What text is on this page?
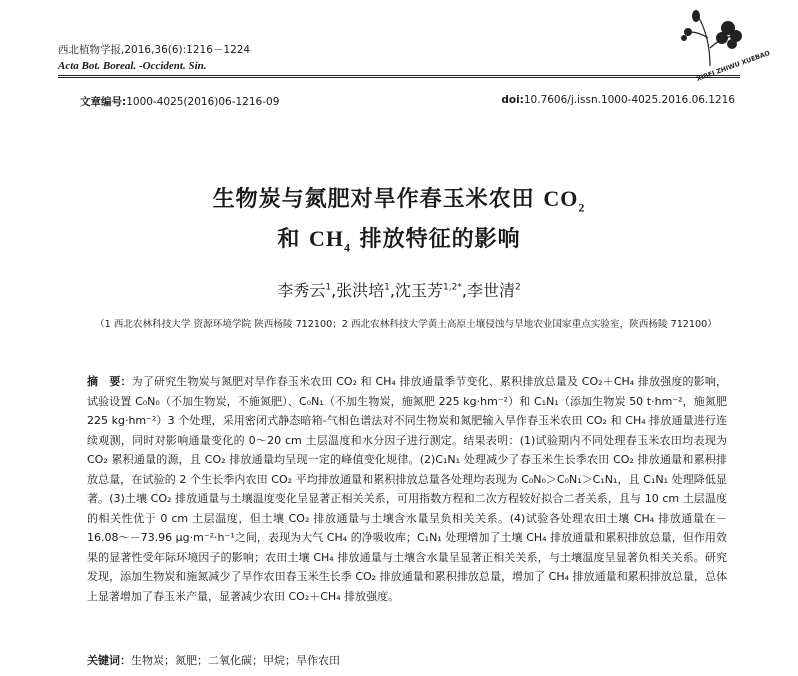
西北植物学报,2016,36(6):1216－1224
Acta Bot. Boreal. -Occident. Sin.	XIBEI ZHIWU XUEBAO
文章编号:1000-4025(2016)06-1216-09	doi:10.7606/j.issn.1000-4025.2016.06.1216
生物炭与氮肥对旱作春玉米农田 $CO_2$
和 $CH_4$ 排放特征的影响
李秀云$^1$,张洪培$^1$,沈玉芳$^{1,2*}$,李世清$^2$
（1 西北农林科技大学 资源环境学院 陕西杨陵 712100；2 西北农林科技大学黄土高原土壤侵蚀与旱地农业国家重点实验室，陕西杨陵 712100）

摘　要：为了研究生物炭与氮肥对旱作春玉米农田 CO₂ 和 CH₄ 排放通量季节变化、累积排放总量及 CO₂＋CH₄ 排放强度的影响，试验设置 C₀N₀（不加生物炭，不施氮肥）、C₀N₁（不加生物炭，施氮肥 225 kg·hm⁻²）和 C₁N₁（添加生物炭 50 t·hm⁻²，施氮肥 225 kg·hm⁻²）3 个处理，采用密闭式静态暗箱-气相色谱法对不同生物炭和氮肥输入旱作春玉米农田 CO₂ 和 CH₄ 排放通量进行连续观测，同时对影响通量变化的 0～20 cm 土层温度和水分因子进行测定。结果表明：(1)试验期内不同处理春玉米农田均表现为 CO₂ 累积通量的源，且 CO₂ 排放通量均呈现一定的峰值变化规律。(2)C₁N₁ 处理减少了春玉米生长季农田 CO₂ 排放通量和累积排放总量，在试验的 2 个生长季内农田 CO₂ 平均排放通量和累积排放总量各处理均表现为 C₀N₀＞C₀N₁＞C₁N₁，且 C₁N₁ 处理降低显著。(3)土壤 CO₂ 排放通量与土壤温度变化呈显著正相关关系，可用指数方程和二次方程较好拟合二者关系，且与 10 cm 土层温度的相关性优于 0 cm 土层温度，但土壤 CO₂ 排放通量与土壤含水量呈负相关关系。(4)试验各处理农田土壤 CH₄ 排放通量在－16.08～－73.96 μg·m⁻²·h⁻¹之间，表现为大气 CH₄ 的净吸收库；C₁N₁ 处理增加了土壤 CH₄ 排放通量和累积排放总量，但作用效果的显著性受年际环境因子的影响；农田土壤 CH₄ 排放通量与土壤含水量呈显著正相关关系，与土壤温度呈显著负相关关系。研究发现，添加生物炭和施氮减少了旱作农田春玉米生长季 CO₂ 排放通量和累积排放总量，增加了 CH₄ 排放通量和累积排放总量，总体上显著增加了春玉米产量，显著减少农田 CO₂＋CH₄ 排放强度。

关键词：生物炭；氮肥；二氧化碳；甲烷；旱作农田
